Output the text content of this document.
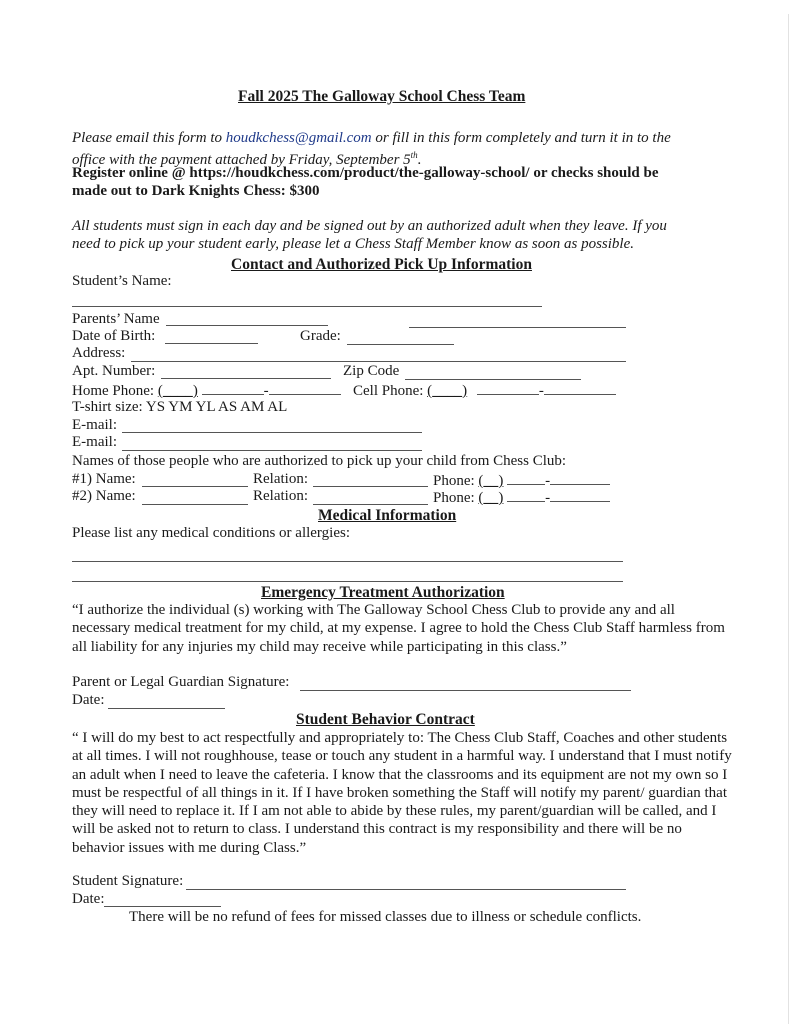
Fall 2025 The Galloway School Chess Team
Please email this form to houdkchess@gmail.com or fill in this form completely and turn it in to the
office with the payment attached by Friday, September 5th.
Register online @ https://houdkchess.com/product/the-galloway-school/ or checks should be
made out to Dark Knights Chess: $300
All students must sign in each day and be signed out by an authorized adult when they leave. If you
need to pick up your student early, please let a Chess Staff Member know as soon as possible.
Contact and Authorized Pick Up Information
Student’s Name:
Parents’ Name
Date of Birth:	Grade:
Address:
Apt. Number:	Zip Code
Home Phone: (____)	-	Cell Phone: (____)	-
T-shirt size: YS YM YL AS AM AL
E-mail:
E-mail:
Names of those people who are authorized to pick up your child from Chess Club:
#1) Name:	Relation:	Phone: (__)	-
#2) Name:	Relation:	Phone: (__)	-
Medical Information
Please list any medical conditions or allergies:
Emergency Treatment Authorization
“I authorize the individual (s) working with The Galloway School Chess Club to provide any and all necessary medical treatment for my child, at my expense. I agree to hold the Chess Club Staff harmless from all liability for any injuries my child may receive while participating in this class.”
Parent or Legal Guardian Signature:
Date:
Student Behavior Contract
“ I will do my best to act respectfully and appropriately to: The Chess Club Staff, Coaches and other students at all times. I will not roughhouse, tease or touch any student in a harmful way. I understand that I must notify an adult when I need to leave the cafeteria. I know that the classrooms and its equipment are not my own so I must be respectful of all things in it. If I have broken something the Staff will notify my parent/ guardian that they will need to replace it. If I am not able to abide by these rules, my parent/guardian will be called, and I will be asked not to return to class. I understand this contract is my responsibility and there will be no behavior issues with me during Class.”
Student Signature:
Date:
There will be no refund of fees for missed classes due to illness or schedule conflicts.
